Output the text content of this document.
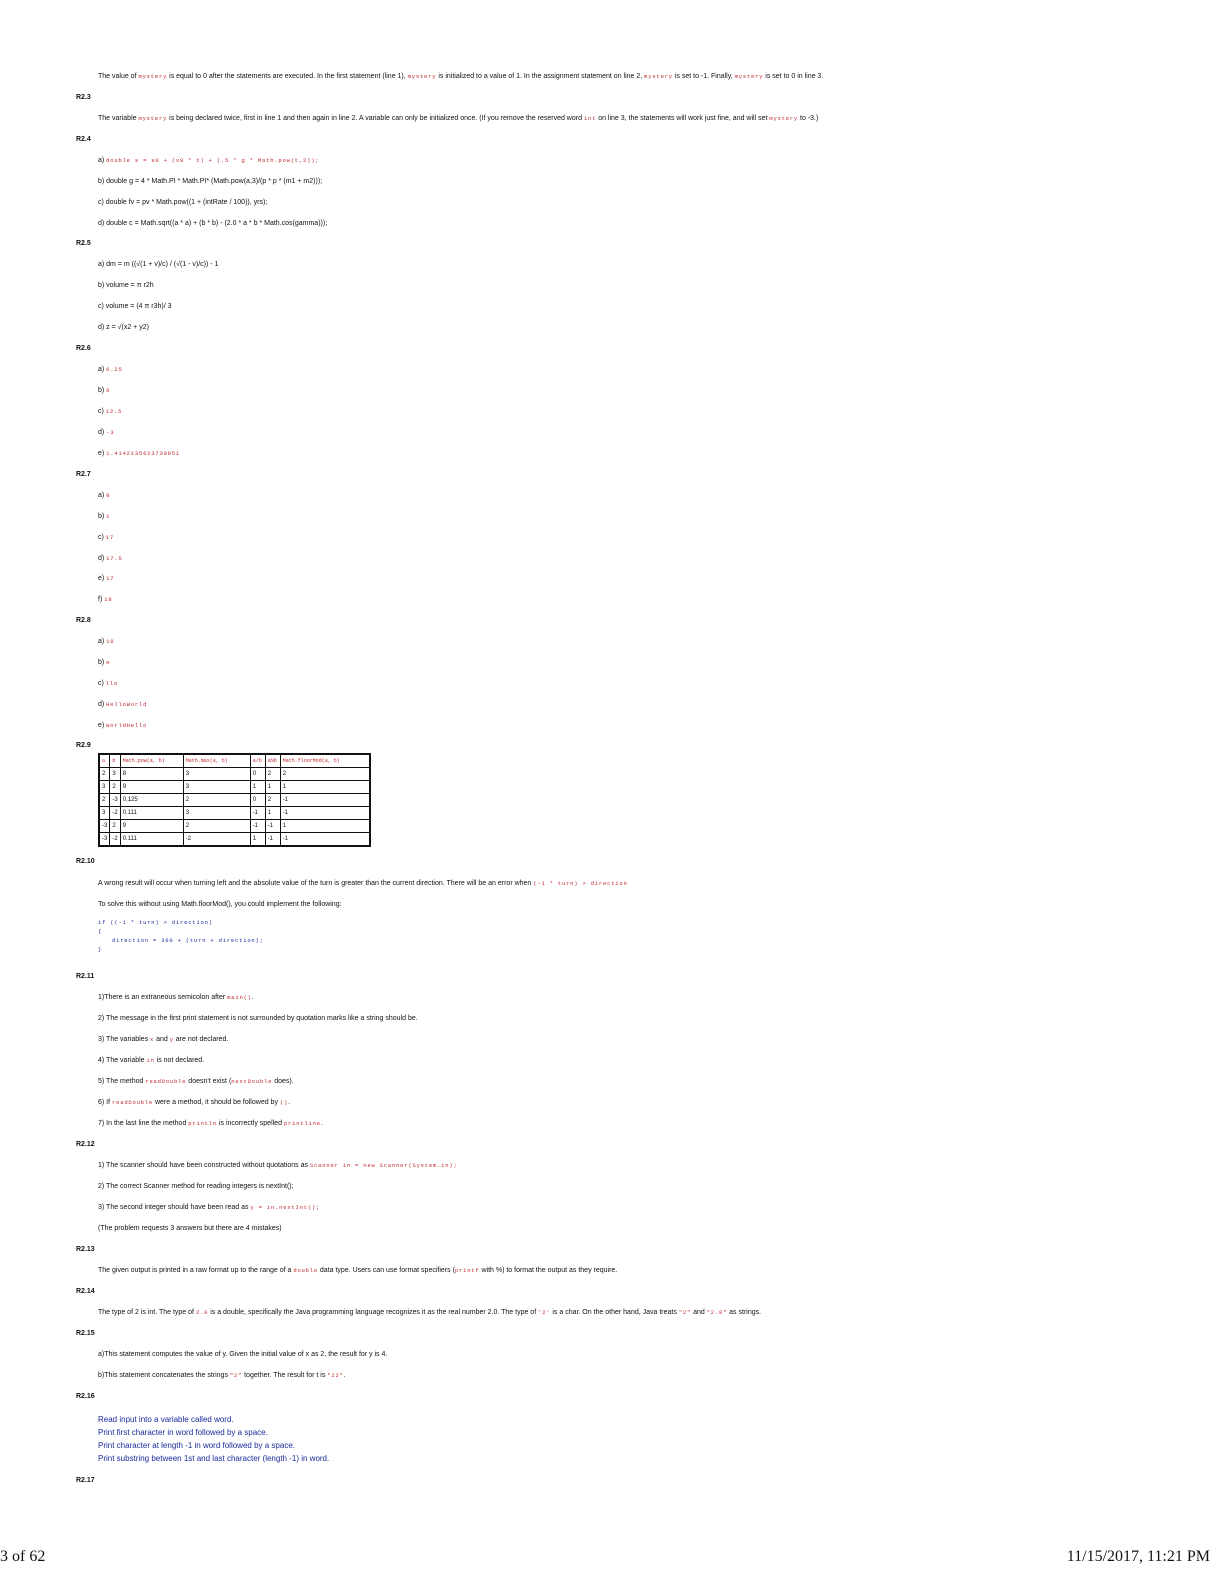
The value of mystery is equal to 0 after the statements are executed. In the first statement (line 1), mystery is initialized to a value of 1. In the assignment statement on line 2, mystery is set to -1. Finally, mystery is set to 0 in line 3.
R2.3
The variable mystery is being declared twice, first in line 1 and then again in line 2. A variable can only be initialized once. (If you remove the reserved word int on line 3, the statements will work just fine, and will set mystery to -3.)
R2.4
a) double s = s0 + (v0 * t) + (.5 * g * Math.pow(t,2));
b) double g = 4 * Math.PI * Math.PI* (Math.pow(a,3)/(p * p * (m1 + m2)));
c) double fv = pv * Math.pow((1 + (intRate / 100)), yrs);
d) double c = Math.sqrt((a * a) + (b * b) - (2.0 * a * b * Math.cos(gamma)));
R2.5
a) dm = m ((√(1 + v)/c) / (√(1 - v)/c)) - 1
b) volume = π r2h
c) volume = (4 π r3h)/ 3
d) z = √(x2 + y2)
R2.6
a) 6.25
b) 6
c) 12.5
d) -3
e) 1.4142135623730951
R2.7
a) 8
b) 1
c) 17
d) 17.5
e) 17
f) 18
R2.8
a) 10
b) e
c) llo
d) HelloWorld
e) WorldHello
R2.9
a	b	Math.pow(a, b)	Math.max(a, b)	a/b	a%b	Math.floorMod(a, b)
2	3	8	3	0	2	2
3	2	9	3	1	1	1
2	-3	0.125	2	0	2	-1
3	-2	0.111	3	-1	1	-1
-3	2	9	2	-1	-1	1
-3	-2	0.111	-2	1	-1	-1
R2.10
A wrong result will occur when turning left and the absolute value of the turn is greater than the current direction. There will be an error when (-1 * turn) > direction
To solve this without using Math.floorMod(), you could implement the following:
if ((-1 * turn) > direction)
{
direction = 360 + (turn + direction);
}
R2.11
1)There is an extraneous semicolon after main().
2) The message in the first print statement is not surrounded by quotation marks like a string should be.
3) The variables x and y are not declared.
4) The variable in is not declared.
5) The method readDouble doesn't exist (nextDouble does).
6) If readDouble were a method, it should be followed by ().
7) In the last line the method println is incorrectly spelled printline.
R2.12
1) The scanner should have been constructed without quotations as Scanner in = new Scanner(System.in);
2) The correct Scanner method for reading integers is nextInt();
3) The second integer should have been read as y = in.nextInt();
(The problem requests 3 answers but there are 4 mistakes)
R2.13
The given output is printed in a raw format up to the range of a double data type. Users can use format specifiers (printf with %) to format the output as they require.
R2.14
The type of 2 is int. The type of 2.0 is a double, specifically the Java programming language recognizes it as the real number 2.0. The type of '2' is a char. On the other hand, Java treats "2" and "2.0" as strings.
R2.15
a)This statement computes the value of y. Given the initial value of x as 2, the result for y is 4.
b)This statement concatenates the strings "2" together. The result for t is "22".
R2.16
Read input into a variable called word.
Print first character in word followed by a space.
Print character at length -1 in word followed by a space.
Print substring between 1st and last character (length -1) in word.
R2.17
3 of 62	11/15/2017, 11:21 PM
